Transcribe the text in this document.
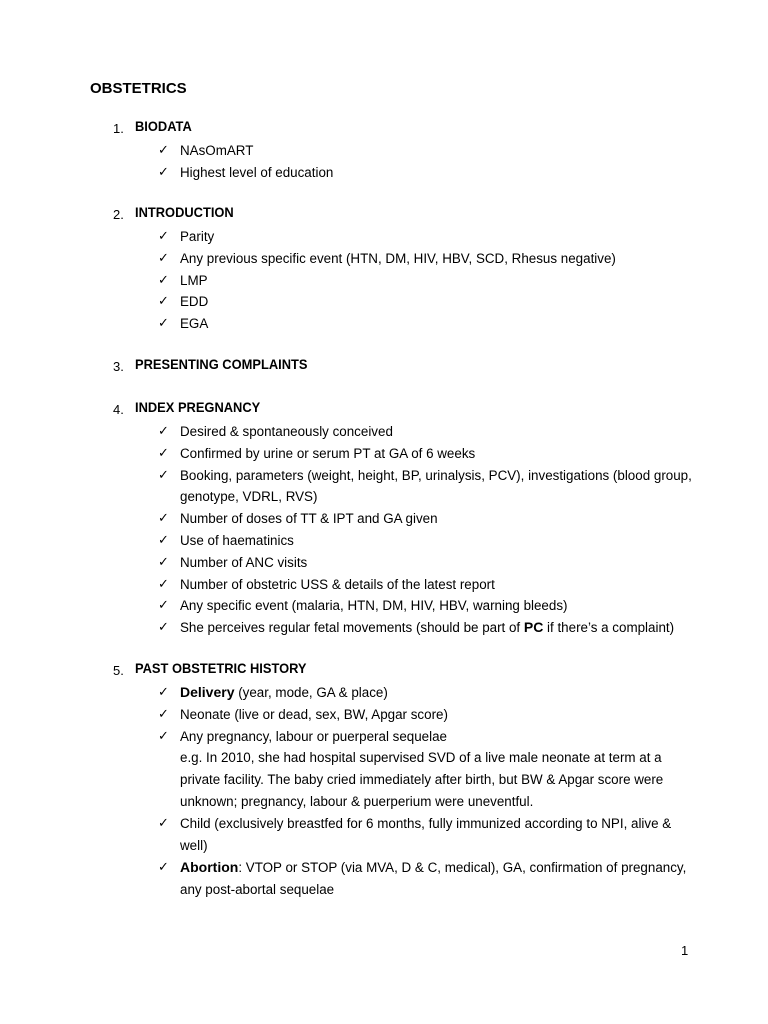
OBSTETRICS
1. BIODATA
✓ NAsOmART
✓ Highest level of education
2. INTRODUCTION
✓ Parity
✓ Any previous specific event (HTN, DM, HIV, HBV, SCD, Rhesus negative)
✓ LMP
✓ EDD
✓ EGA
3. PRESENTING COMPLAINTS
4. INDEX PREGNANCY
✓ Desired & spontaneously conceived
✓ Confirmed by urine or serum PT at GA of 6 weeks
✓ Booking, parameters (weight, height, BP, urinalysis, PCV), investigations (blood group, genotype, VDRL, RVS)
✓ Number of doses of TT & IPT and GA given
✓ Use of haematinics
✓ Number of ANC visits
✓ Number of obstetric USS & details of the latest report
✓ Any specific event (malaria, HTN, DM, HIV, HBV, warning bleeds)
✓ She perceives regular fetal movements (should be part of PC if there’s a complaint)
5. PAST OBSTETRIC HISTORY
✓ Delivery (year, mode, GA & place)
✓ Neonate (live or dead, sex, BW, Apgar score)
✓ Any pregnancy, labour or puerperal sequelae
e.g. In 2010, she had hospital supervised SVD of a live male neonate at term at a private facility. The baby cried immediately after birth, but BW & Apgar score were unknown; pregnancy, labour & puerperium were uneventful.
✓ Child (exclusively breastfed for 6 months, fully immunized according to NPI, alive & well)
✓ Abortion: VTOP or STOP (via MVA, D & C, medical), GA, confirmation of pregnancy, any post-abortal sequelae
1
